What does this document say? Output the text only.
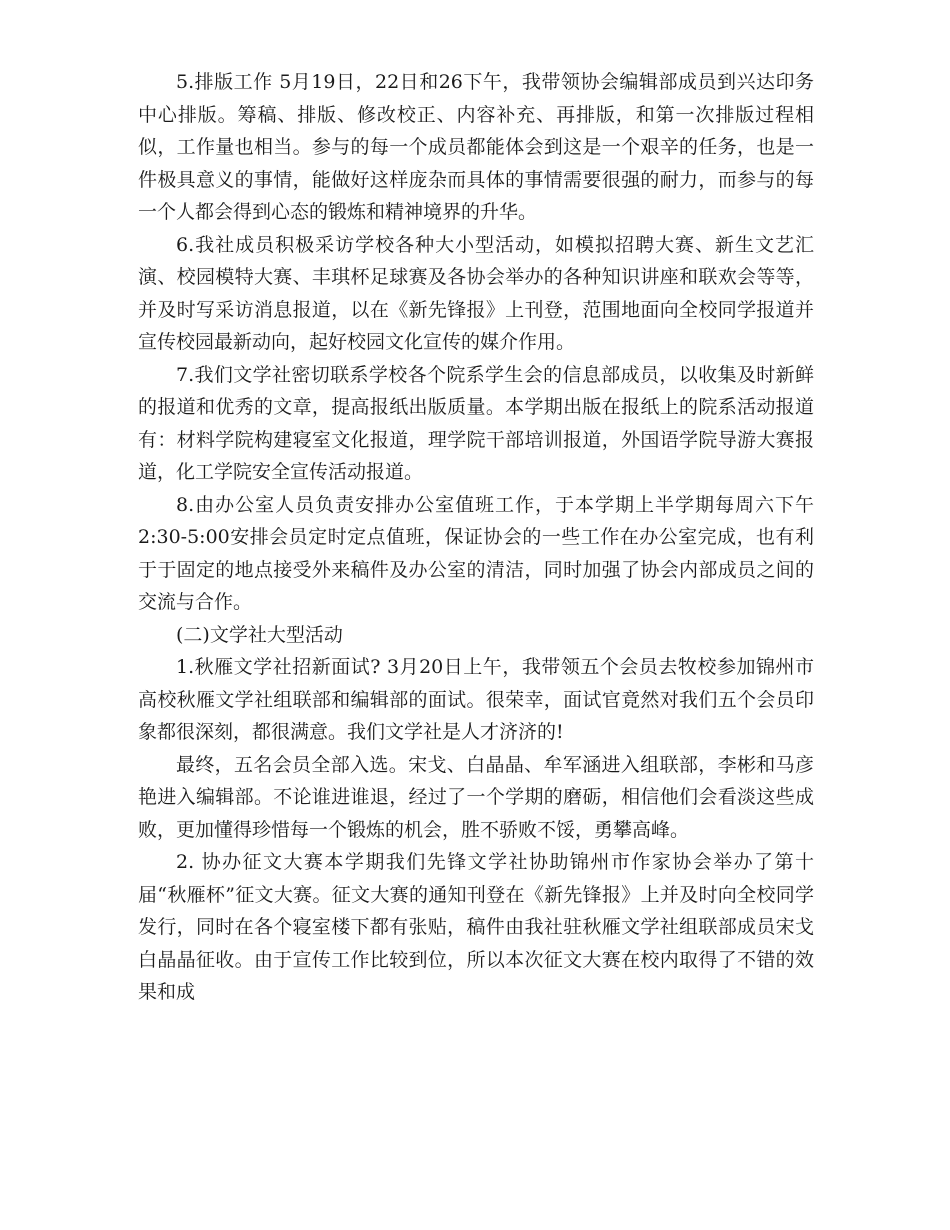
5.排版工作 5月19日，22日和26下午，我带领协会编辑部成员到兴达印务中心排版。筹稿、排版、修改校正、内容补充、再排版，和第一次排版过程相似，工作量也相当。参与的每一个成员都能体会到这是一个艰辛的任务，也是一件极具意义的事情，能做好这样庞杂而具体的事情需要很强的耐力，而参与的每一个人都会得到心态的锻炼和精神境界的升华。

6.我社成员积极采访学校各种大小型活动，如模拟招聘大赛、新生文艺汇演、校园模特大赛、丰琪杯足球赛及各协会举办的各种知识讲座和联欢会等等，并及时写采访消息报道，以在《新先锋报》上刊登，范围地面向全校同学报道并宣传校园最新动向，起好校园文化宣传的媒介作用。

7.我们文学社密切联系学校各个院系学生会的信息部成员，以收集及时新鲜的报道和优秀的文章，提高报纸出版质量。本学期出版在报纸上的院系活动报道有：材料学院构建寝室文化报道，理学院干部培训报道，外国语学院导游大赛报道，化工学院安全宣传活动报道。

8.由办公室人员负责安排办公室值班工作，于本学期上半学期每周六下午2:30-5:00安排会员定时定点值班，保证协会的一些工作在办公室完成，也有利于于固定的地点接受外来稿件及办公室的清洁，同时加强了协会内部成员之间的交流与合作。

(二)文学社大型活动

1.秋雁文学社招新面试? 3月20日上午，我带领五个会员去牧校参加锦州市高校秋雁文学社组联部和编辑部的面试。很荣幸，面试官竟然对我们五个会员印象都很深刻，都很满意。我们文学社是人才济济的!

最终，五名会员全部入选。宋戈、白晶晶、牟军涵进入组联部，李彬和马彦艳进入编辑部。不论谁进谁退，经过了一个学期的磨砺，相信他们会看淡这些成败，更加懂得珍惜每一个锻炼的机会，胜不骄败不馁，勇攀高峰。

2. 协办征文大赛本学期我们先锋文学社协助锦州市作家协会举办了第十届“秋雁杯”征文大赛。征文大赛的通知刊登在《新先锋报》上并及时向全校同学发行，同时在各个寝室楼下都有张贴，稿件由我社驻秋雁文学社组联部成员宋戈白晶晶征收。由于宣传工作比较到位，所以本次征文大赛在校内取得了不错的效果和成
